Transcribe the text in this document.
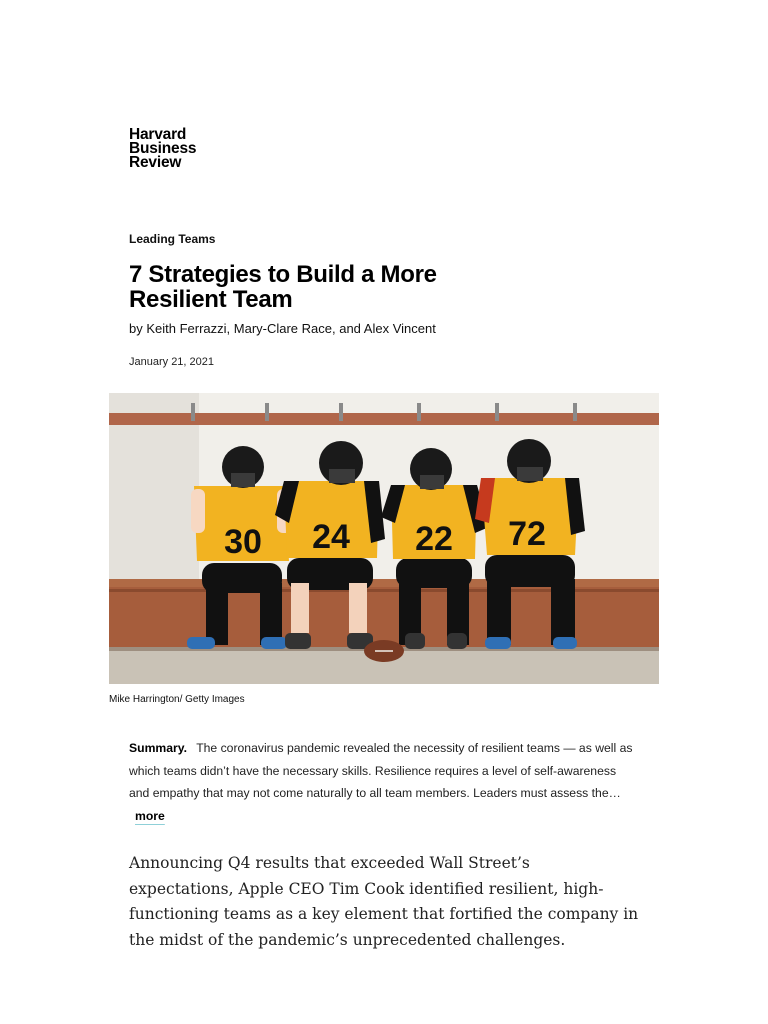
Harvard
Business
Review
Leading Teams
7 Strategies to Build a More Resilient Team
by Keith Ferrazzi, Mary-Clare Race, and Alex Vincent
January 21, 2021
30 24 22 72
Mike Harrington/ Getty Images
Summary. The coronavirus pandemic revealed the necessity of resilient teams — as well as which teams didn’t have the necessary skills. Resilience requires a level of self-awareness and empathy that may not come naturally to all team members. Leaders must assess the… more

Announcing Q4 results that exceeded Wall Street’s expectations, Apple CEO Tim Cook identified resilient, high-functioning teams as a key element that fortified the company in the midst of the pandemic’s unprecedented challenges.
